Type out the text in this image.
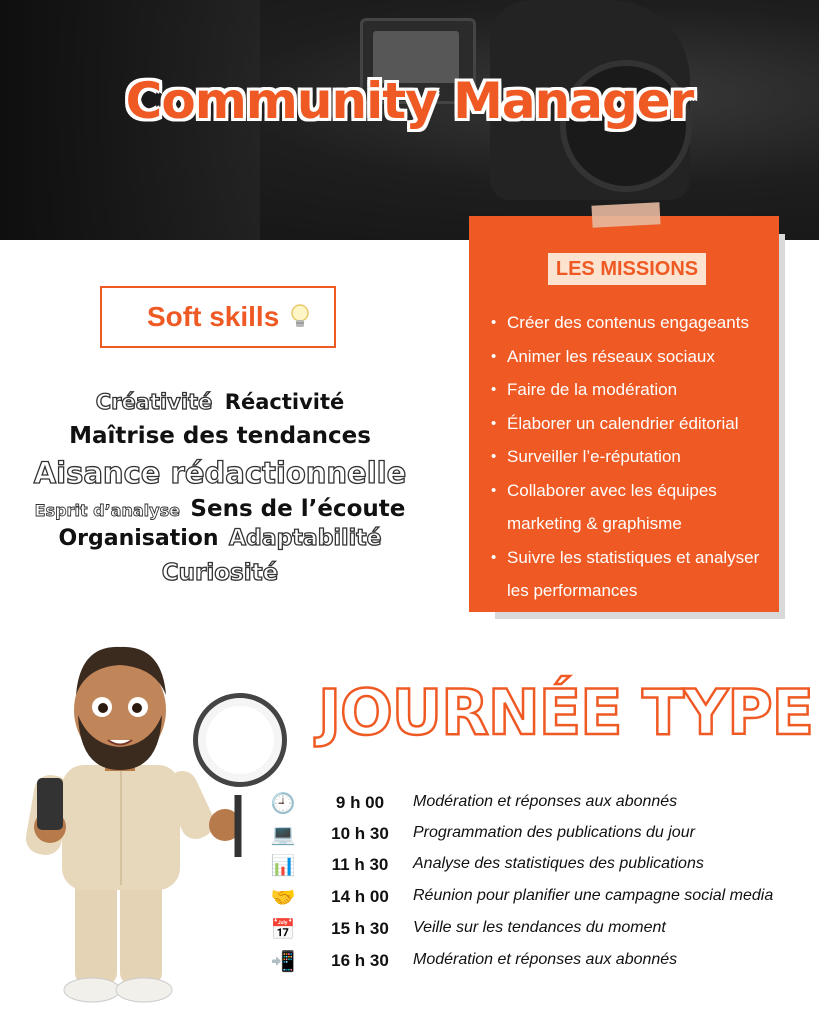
Community Manager
• Créer des contenus engageants
• Animer les réseaux sociaux
• Faire de la modération
• Élaborer un calendrier éditorial
• Surveiller l’e-réputation
• Collaborer avec les équipes marketing & graphisme
• Suivre les statistiques et analyser les performances
LES MISSIONS
Soft skills
Créativité Réactivité
Maîtrise des tendances
Aisance rédactionnelle
Esprit d’analyse Sens de l’écoute
Organisation Adaptabilité
Curiosité
JOURNÉE TYPE
🕘	9 h 00	Modération et réponses aux abonnés
💻	10 h 30	Programmation des publications du jour
📊	11 h 30	Analyse des statistiques des publications
🤝	14 h 00	Réunion pour planifier une campagne social media
📅	15 h 30	Veille sur les tendances du moment
📲	16 h 30	Modération et réponses aux abonnés
